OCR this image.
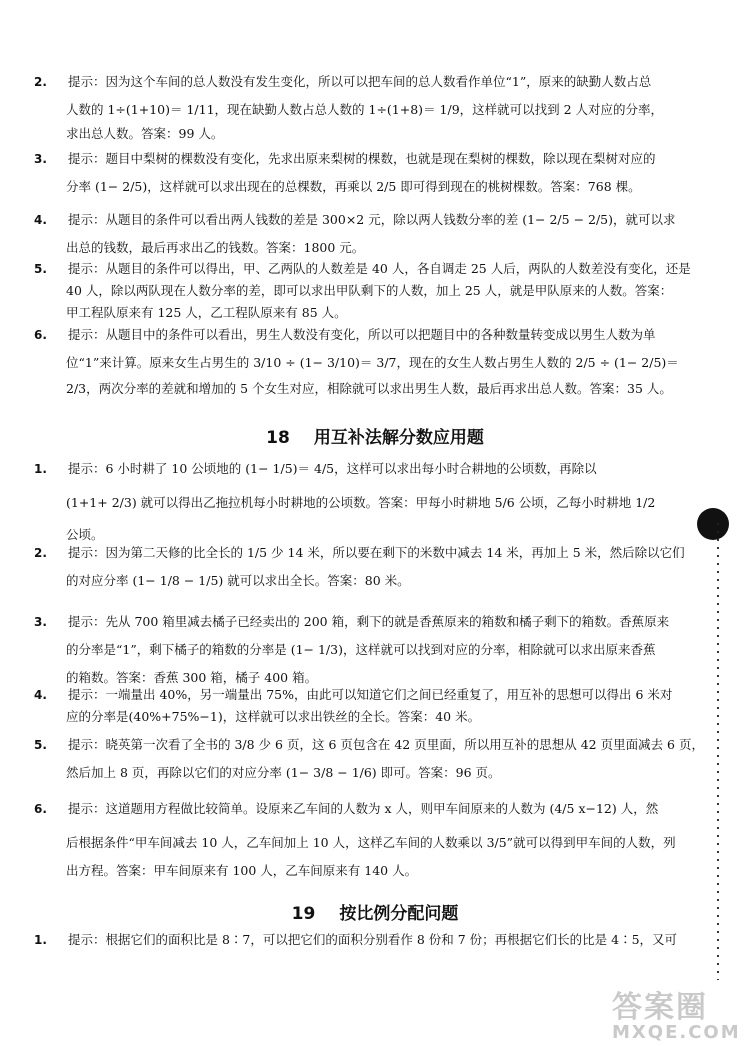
2. 提示：因为这个车间的总人数没有发生变化，所以可以把车间的总人数看作单位“1”，原来的缺勤人数占总
人数的 1÷(1+10)＝ 1/11，现在缺勤人数占总人数的 1÷(1+8)＝ 1/9，这样就可以找到 2 人对应的分率，
求出总人数。答案：99 人。
3. 提示：题目中梨树的棵数没有变化，先求出原来梨树的棵数，也就是现在梨树的棵数，除以现在梨树对应的
分率 (1− 2/5)，这样就可以求出现在的总棵数，再乘以 2/5 即可得到现在的桃树棵数。答案：768 棵。
4. 提示：从题目的条件可以看出两人钱数的差是 300×2 元，除以两人钱数分率的差 (1− 2/5 − 2/5)，就可以求
出总的钱数，最后再求出乙的钱数。答案：1800 元。
5. 提示：从题目的条件可以得出，甲、乙两队的人数差是 40 人，各自调走 25 人后，两队的人数差没有变化，还是
40 人，除以两队现在人数分率的差，即可以求出甲队剩下的人数，加上 25 人，就是甲队原来的人数。答案：
甲工程队原来有 125 人，乙工程队原来有 85 人。
6. 提示：从题目中的条件可以看出，男生人数没有变化，所以可以把题目中的各种数量转变成以男生人数为单
位“1”来计算。原来女生占男生的 3/10 ÷ (1− 3/10)＝ 3/7，现在的女生人数占男生人数的 2/5 ÷ (1− 2/5)＝
2/3，两次分率的差就和增加的 5 个女生对应，相除就可以求出男生人数，最后再求出总人数。答案：35 人。
1. 提示：6 小时耕了 10 公顷地的 (1− 1/5)＝ 4/5，这样可以求出每小时合耕地的公顷数，再除以
(1+1+ 2/3) 就可以得出乙拖拉机每小时耕地的公顷数。答案：甲每小时耕地 5/6 公顷，乙每小时耕地 1/2
公顷。
2. 提示：因为第二天修的比全长的 1/5 少 14 米，所以要在剩下的米数中减去 14 米，再加上 5 米，然后除以它们
的对应分率 (1− 1/8 − 1/5) 就可以求出全长。答案：80 米。
3. 提示：先从 700 箱里减去橘子已经卖出的 200 箱，剩下的就是香蕉原来的箱数和橘子剩下的箱数。香蕉原来
的分率是“1”，剩下橘子的箱数的分率是 (1− 1/3)，这样就可以找到对应的分率，相除就可以求出原来香蕉
的箱数。答案：香蕉 300 箱，橘子 400 箱。
4. 提示：一端量出 40%，另一端量出 75%，由此可以知道它们之间已经重复了，用互补的思想可以得出 6 米对
应的分率是(40%+75%−1)，这样就可以求出铁丝的全长。答案：40 米。
5. 提示：晓英第一次看了全书的 3/8 少 6 页，这 6 页包含在 42 页里面，所以用互补的思想从 42 页里面减去 6 页，
然后加上 8 页，再除以它们的对应分率 (1− 3/8 − 1/6) 即可。答案：96 页。
6. 提示：这道题用方程做比较简单。设原来乙车间的人数为 x 人，则甲车间原来的人数为 (4/5 x−12) 人，然
后根据条件“甲车间减去 10 人，乙车间加上 10 人，这样乙车间的人数乘以 3/5”就可以得到甲车间的人数，列
出方程。答案：甲车间原来有 100 人，乙车间原来有 140 人。
1. 提示：根据它们的面积比是 8∶7，可以把它们的面积分别看作 8 份和 7 份；再根据它们长的比是 4∶5，又可
18 用互补法解分数应用题
19 按比例分配问题
答案圈
MXQE.COM
